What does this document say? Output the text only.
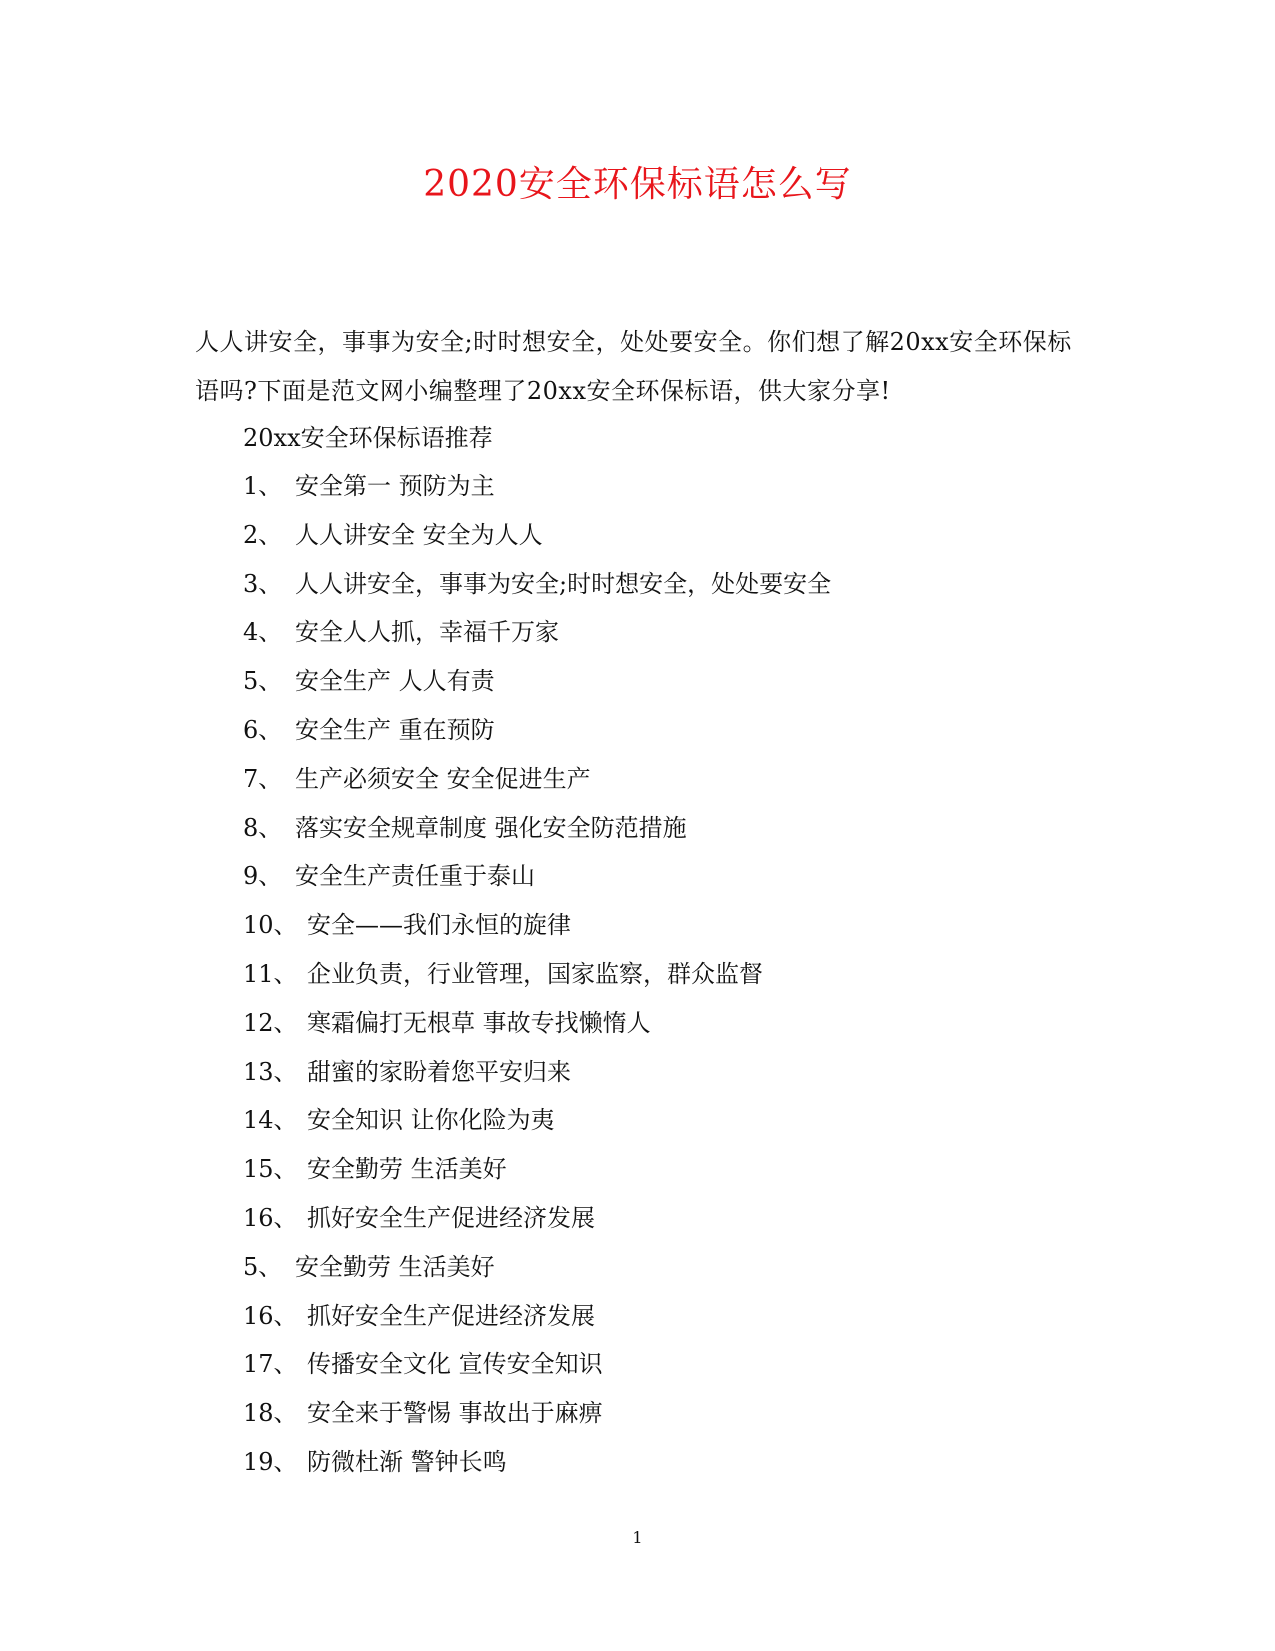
2020安全环保标语怎么写

人人讲安全，事事为安全;时时想安全，处处要安全。你们想了解20xx安全环保标
语吗?下面是范文网小编整理了20xx安全环保标语，供大家分享!

20xx安全环保标语推荐

1、 安全第一 预防为主
2、 人人讲安全 安全为人人
3、 人人讲安全，事事为安全;时时想安全，处处要安全
4、 安全人人抓，幸福千万家
5、 安全生产 人人有责
6、 安全生产 重在预防
7、 生产必须安全 安全促进生产
8、 落实安全规章制度 强化安全防范措施
9、 安全生产责任重于泰山
10、 安全——我们永恒的旋律
11、 企业负责，行业管理，国家监察，群众监督
12、 寒霜偏打无根草 事故专找懒惰人
13、 甜蜜的家盼着您平安归来
14、 安全知识 让你化险为夷
15、 安全勤劳 生活美好
16、 抓好安全生产促进经济发展
5、 安全勤劳 生活美好
16、 抓好安全生产促进经济发展
17、 传播安全文化 宣传安全知识
18、 安全来于警惕 事故出于麻痹
19、 防微杜渐 警钟长鸣
1
